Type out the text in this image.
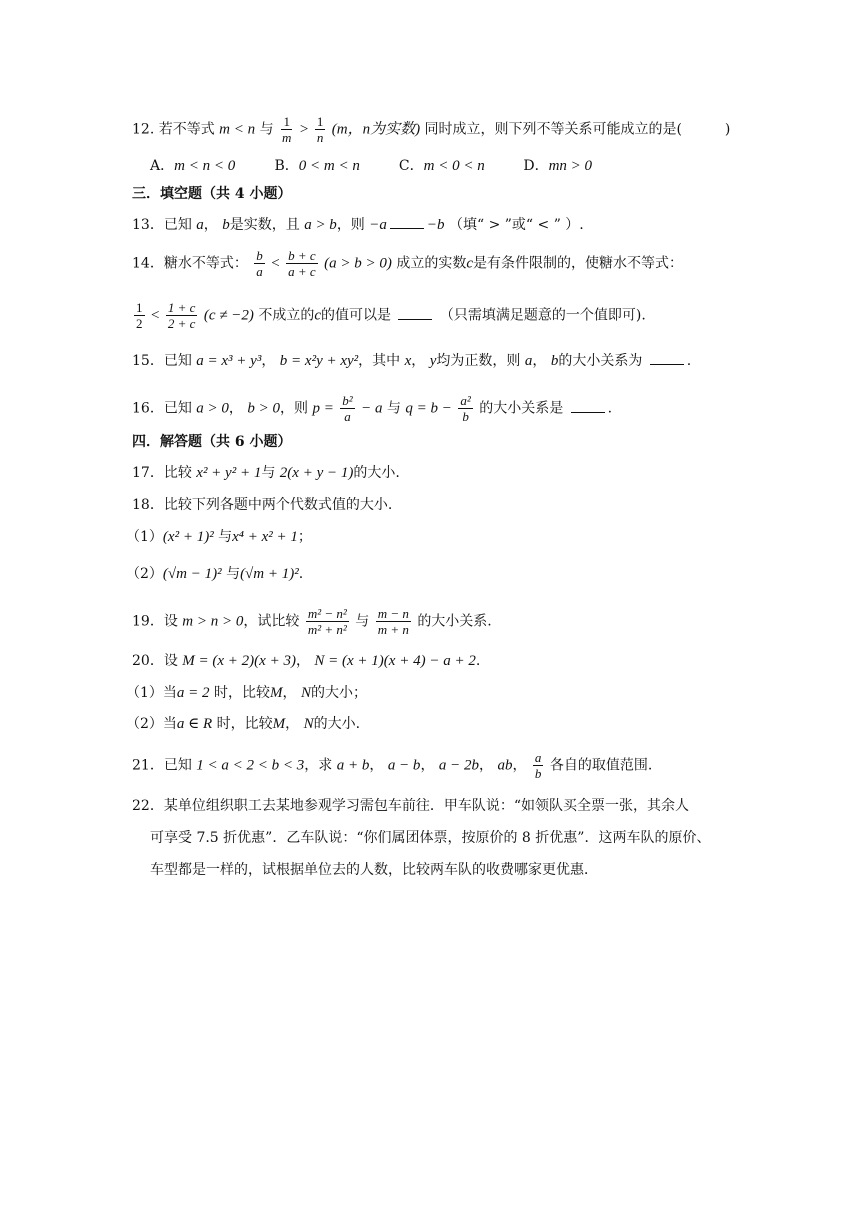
12. 若不等式 m < n 与 $\frac{1}{m} > \frac{1}{n} (m$，n为实数) 同时成立，则下列不等关系可能成立的是(	)
A．m < n < 0	B．0 < m < n	C．m < 0 < n	D．mn > 0
三．填空题（共 4 小题）
13．已知 a， b是实数，且 a > b，则 −a	−b （填“ > ”或“ < ” ）.
14．糖水不等式： $\frac{b}{a} < \frac{b + c}{a + c} (a > b > 0)$ 成立的实数c是有条件限制的，使糖水不等式：
$\frac{1}{2} < \frac{1 + c}{2 + c} (c \ne -2)$ 不成立的c的值可以是	（只需填满足题意的一个值即可).
15．已知 a = x³ + y³， b = x²y + xy²，其中 x， y均为正数，则 a， b的大小关系为	.
16．已知 a > 0， b > 0，则 $p = \frac{\text{b²}}{a} - a$ 与 $q = b - \frac{\text{a²}}{b}$ 的大小关系是	.
四．解答题（共 6 小题）
17．比较 x² + y² + 1与 2(x + y − 1)的大小.
18．比较下列各题中两个代数式值的大小.
（1）(x² + 1)² 与x⁴ + x² + 1；
（2）(√m − 1)² 与(√m + 1)².
19．设 m > n > 0，试比较 $\frac{\text{m² − n²}}{\text{m² + n²}}$ 与 $\frac{m - n}{m + n}$ 的大小关系.
20．设 M = (x + 2)(x + 3)， N = (x + 1)(x + 4) − a + 2.
（1）当a = 2 时，比较M， N的大小；
（2）当a ∈ R 时，比较M， N的大小.
21．已知 1 < a < 2 < b < 3，求 a + b， a − b， a − 2b， ab， $\frac{a}{b}$ 各自的取值范围.
22．某单位组织职工去某地参观学习需包车前往．甲车队说：“如领队买全票一张，其余人
可享受 7.5 折优惠”．乙车队说：“你们属团体票，按原价的 8 折优惠”．这两车队的原价、
车型都是一样的，试根据单位去的人数，比较两车队的收费哪家更优惠．
